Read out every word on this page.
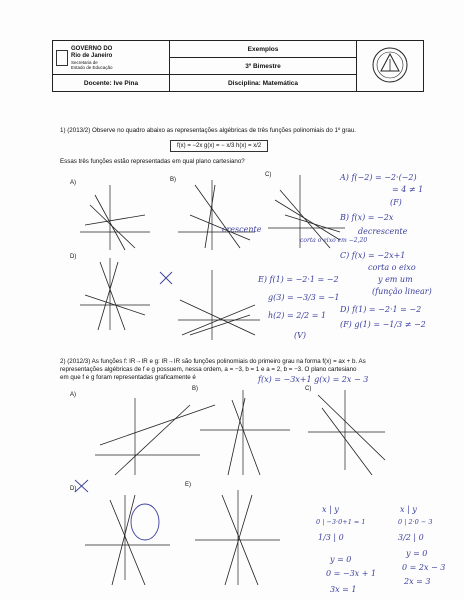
GOVERNO DO
Rio de Janeiro
Secretaria de
Estado de Educação	Exemplos	
	3º Bimestre	
Docente: Ive Pina	Disciplina: Matemática	
1) (2013/2) Observe no quadro abaixo as representações algébricas de três funções polinomiais do 1º grau.
f(x) = −2x g(x) = − x/3 h(x) = x/2
Essas três funções estão representadas em qual plano cartesiano?
A)	B)
C)
D)
2) (2012/3) As funções f: IR→IR e g: IR→IR são funções polinomiais do primeiro grau na forma f(x) = ax + b. As
representações algébricas de f e g possuem, nessa ordem, a = −3, b = 1 e a = 2, b = −3. O plano cartesiano
em que f e g foram representadas graficamente é
A)
B)	C)
D)
E)
A) f(−2) = −2·(−2)
= 4 ≠ 1
(F)
B) f(x) = −2x
decrescente
C) f(x) = −2x+1
corta o eixo
y em um
(função linear)
D) f(1) = −2·1 = −2
(F) g(1) = −1/3 ≠ −2
E) f(1) = −2·1 = −2
g(3) = −3/3 = −1
h(2) = 2/2 = 1
(V)
crescente
corta o eixo em −2,20
f(x) = −3x+1 g(x) = 2x − 3
x | y
0 | −3·0+1 = 1
1/3 | 0
x | y
0 | 2·0 − 3
3/2 | 0
y = 0
0 = −3x + 1
3x = 1
y = 0
0 = 2x − 3
2x = 3
